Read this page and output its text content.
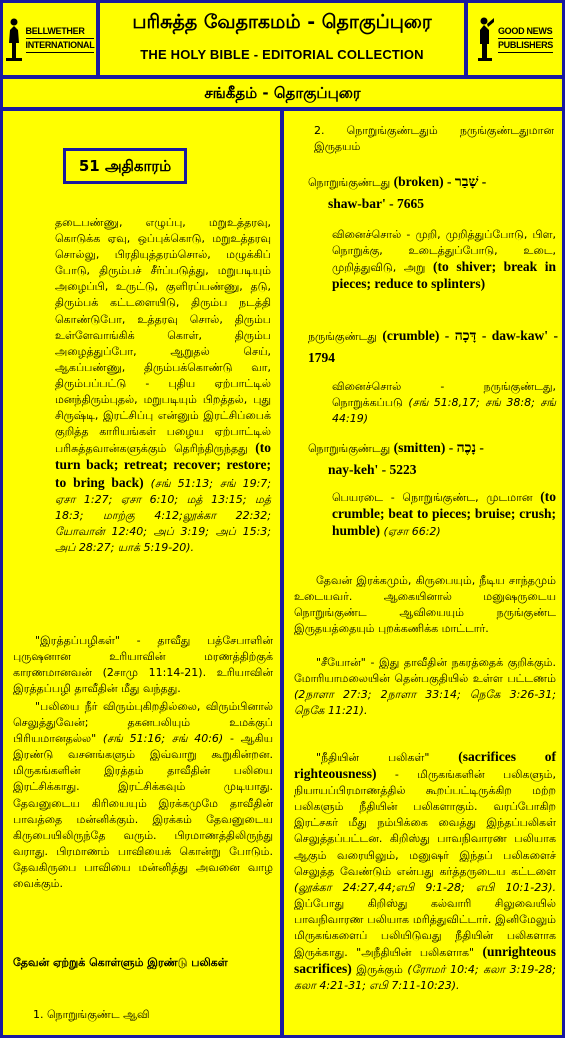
BELLWETHER
INTERNATIONAL
பரிசுத்த வேதாகமம் - தொகுப்புரை
THE HOLY BIBLE - EDITORIAL COLLECTION
GOOD NEWS
PUBLISHERS
சங்கீதம் - தொகுப்புரை
51 அதிகாரம்
தடைபண்ணு, எழுப்பு, மறுஉத்தரவு, கொடுக்க ஏவு, ஒப்புக்கொடு, மறுஉத்தரவு சொல்லு, பிரதியுத்தரம்சொல், மழுக்கிப் போடு, திரும்பச் சீர்ப்படுத்து, மறுபடியும் அழைப்பி, உருட்டு, குளிரப்பண்ணு, தடு, திரும்பக் கட்டளையிடு, திரும்ப நடத்தி கொண்டுபோ, உத்தரவு சொல், திரும்ப உள்ளேவாங்கிக் கொள், திரும்ப அழைத்துப்போ, ஆறுதல் செய், ஆகப்பண்ணு, திரும்பக்கொண்டு வா, திரும்பப்பட்டு - புதிய ஏற்பாட்டில் மனந்திரும்புதல், மறுபடியும் பிறத்தல், புது சிருஷ்டி, இரட்சிப்பு என்னும் இரட்சிப்பைக் குறித்த காரியங்கள் பழைய ஏற்பாட்டில் பரிசுத்தவான்களுக்கும் தெரிந்திருந்தது (to turn back; retreat; recover; restore; to bring back) (சங் 51:13; சங் 19:7; ஏசா 1:27; ஏசா 6:10; மத் 13:15; மத் 18:3; மாற்கு 4:12;லூக்கா 22:32; யோவான் 12:40; அப் 3:19; அப் 15:3; அப் 28:27; யாக் 5:19-20).
"இரத்தப்பழிகள்" - தாவீது பத்சேபாளின் புருஷனான உரியாவின் மரணத்திற்குக் காரணமானவன் (2சாமு 11:14-21). உரியாவின் இரத்தப்பழி தாவீதின் மீது வந்தது.
"பலியை நீர் விரும்புகிறதில்லை, விரும்பினால் செலுத்துவேன்; தகனபலியும் உமக்குப் பிரியமானதல்ல" (சங் 51:16; சங் 40:6) - ஆகிய இரண்டு வசனங்களும் இவ்வாறு கூறுகின்றன. மிருகங்களின் இரத்தம் தாவீதின் பலியை இரட்சிக்காது. இரட்சிக்கவும் முடியாது. தேவனுடைய கிரியையும் இரக்கமுமே தாவீதின் பாவத்தை மன்னிக்கும். இரக்கம் தேவனுடைய கிருபையிலிருந்தே வரும். பிரமாணத்திலிருந்து வராது. பிரமாணம் பாவியைக் கொன்று போடும். தேவகிருபை பாவியை மன்னித்து அவனை வாழ வைக்கும்.
தேவன் ஏற்றுக் கொள்ளும் இரண்டு பலிகள்
1. நொறுங்குண்ட ஆவி
2. நொறுங்குண்டதும் நருங்குண்டதுமான இருதயம்
நொறுங்குண்டது (broken) - שָׁבַר -
shaw-bar' - 7665
வினைச்சொல் - முறி, முறித்துப்போடு, பிள, நொறுக்கு, உடைத்துப்போடு, உடை, முறித்துவிடு, அறு (to shiver; break in pieces; reduce to splinters)
நருங்குண்டது (crumble) - דָּכָה - daw-kaw' - 1794
வினைச்சொல் - நருங்குண்டது, நொறுக்கப்படு (சங் 51:8,17; சங் 38:8; சங் 44:19)
நொறுங்குண்டது (smitten) - נָכֶה -
nay-keh' - 5223
பெயரடை - நொறுங்குண்ட, முடமான (to crumble; beat to pieces; bruise; crush; humble) (ஏசா 66:2)
தேவன் இரக்கமும், கிருபையும், நீடிய சாந்தமும் உடையவர். ஆகையினால் மனுஷருடைய நொறுங்குண்ட ஆவியையும் நருங்குண்ட இருதயத்தையும் புறக்கணிக்க மாட்டார்.
"சீயோன்" - இது தாவீதின் நகரத்தைக் குறிக்கும். மோரியாமலையின் தென்பகுதியில் உள்ள பட்டணம் (2நாளா 27:3; 2நாளா 33:14; நெகே 3:26-31; நெகே 11:21).
"நீதியின் பலிகள்" (sacrifices of righteousness) - மிருகங்களின் பலிகளும், நியாயப்பிரமாணத்தில் கூறப்பட்டிருக்கிற மற்ற பலிகளும் நீதியின் பலிகளாகும். வரப்போகிற இரட்சகர் மீது நம்பிக்கை வைத்து இந்தப்பலிகள் செலுத்தப்பட்டன. கிறிஸ்து பாவநிவாரண பலியாக ஆகும் வரையிலும், மனுஷர் இந்தப் பலிகளைச் செலுத்த வேண்டும் என்பது கர்த்தருடைய கட்டளை (லூக்கா 24:27,44;எபி 9:1-28; எபி 10:1-23). இப்போது கிறிஸ்து கல்வாரி சிலுவையில் பாவநிவாரண பலியாக மரித்துவிட்டார். இனிமேலும் மிருகங்களைப் பலியிடுவது நீதியின் பலிகளாக இருக்காது. "அநீதியின் பலிகளாக" (unrighteous sacrifices) இருக்கும் (ரோமர் 10:4; கலா 3:19-28; கலா 4:21-31; எபி 7:11-10:23).
